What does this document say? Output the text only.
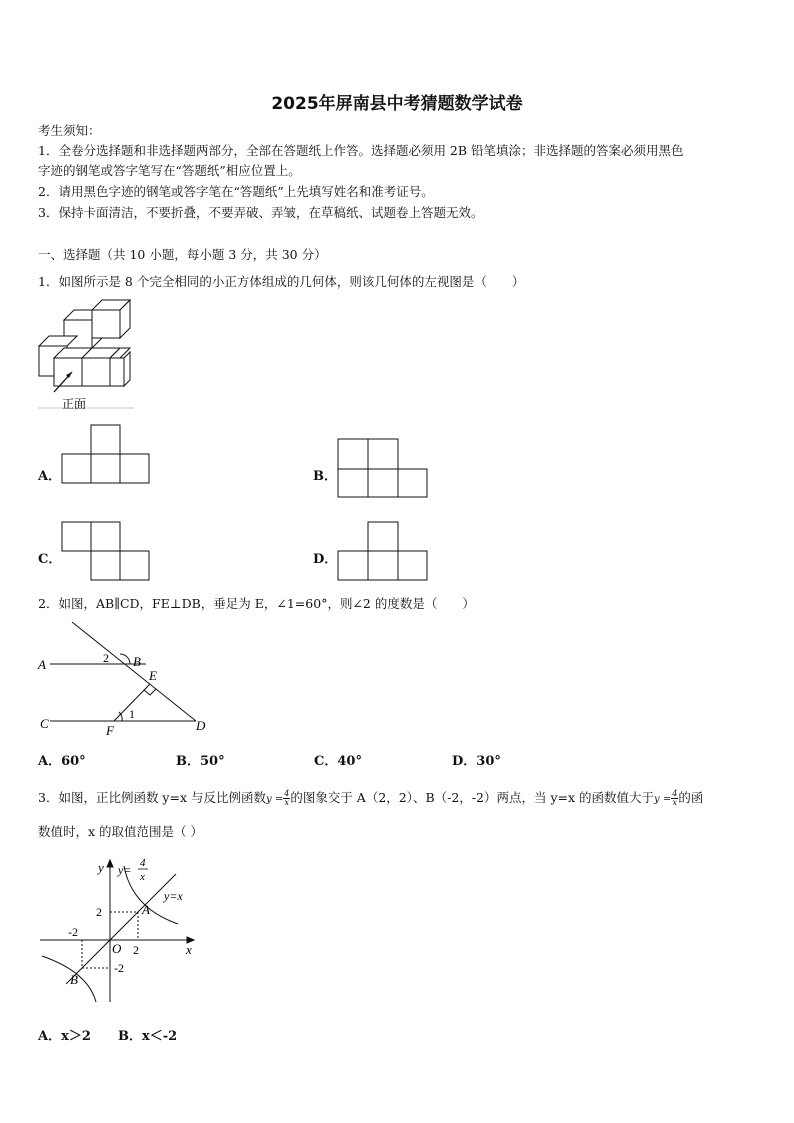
2025年屏南县中考猜题数学试卷
考生须知：
1．全卷分选择题和非选择题两部分，全部在答题纸上作答。选择题必须用 2B 铅笔填涂；非选择题的答案必须用黑色
字迹的钢笔或答字笔写在“答题纸”相应位置上。
2．请用黑色字迹的钢笔或答字笔在“答题纸”上先填写姓名和准考证号。
3．保持卡面清洁，不要折叠，不要弄破、弄皱，在草稿纸、试题卷上答题无效。
一、选择题（共 10 小题，每小题 3 分，共 30 分）
1．如图所示是 8 个完全相同的小正方体组成的几何体，则该几何体的左视图是（　　）
正面
A．	B．
C．	D．
2．如图，AB∥CD，FE⊥DB，垂足为 E，∠1=60°，则∠2 的度数是（　　）
A	B
C	D
E
F
1
2
A．60°	B．50°	C．40°	D．30°
3．如图，正比例函数 y=x 与反比例函数$y = \frac{4}{x}$ 的图象交于 A（2，2）、B（-2，-2）两点，当 y=x 的函数值大于$y = \frac{4}{x}$ 的函
数值时，x 的取值范围是（ ）
y
x
O
y= 4
x
y=x
2
2
-2
-2
A
B
A．x＞2 B．x＜-2
